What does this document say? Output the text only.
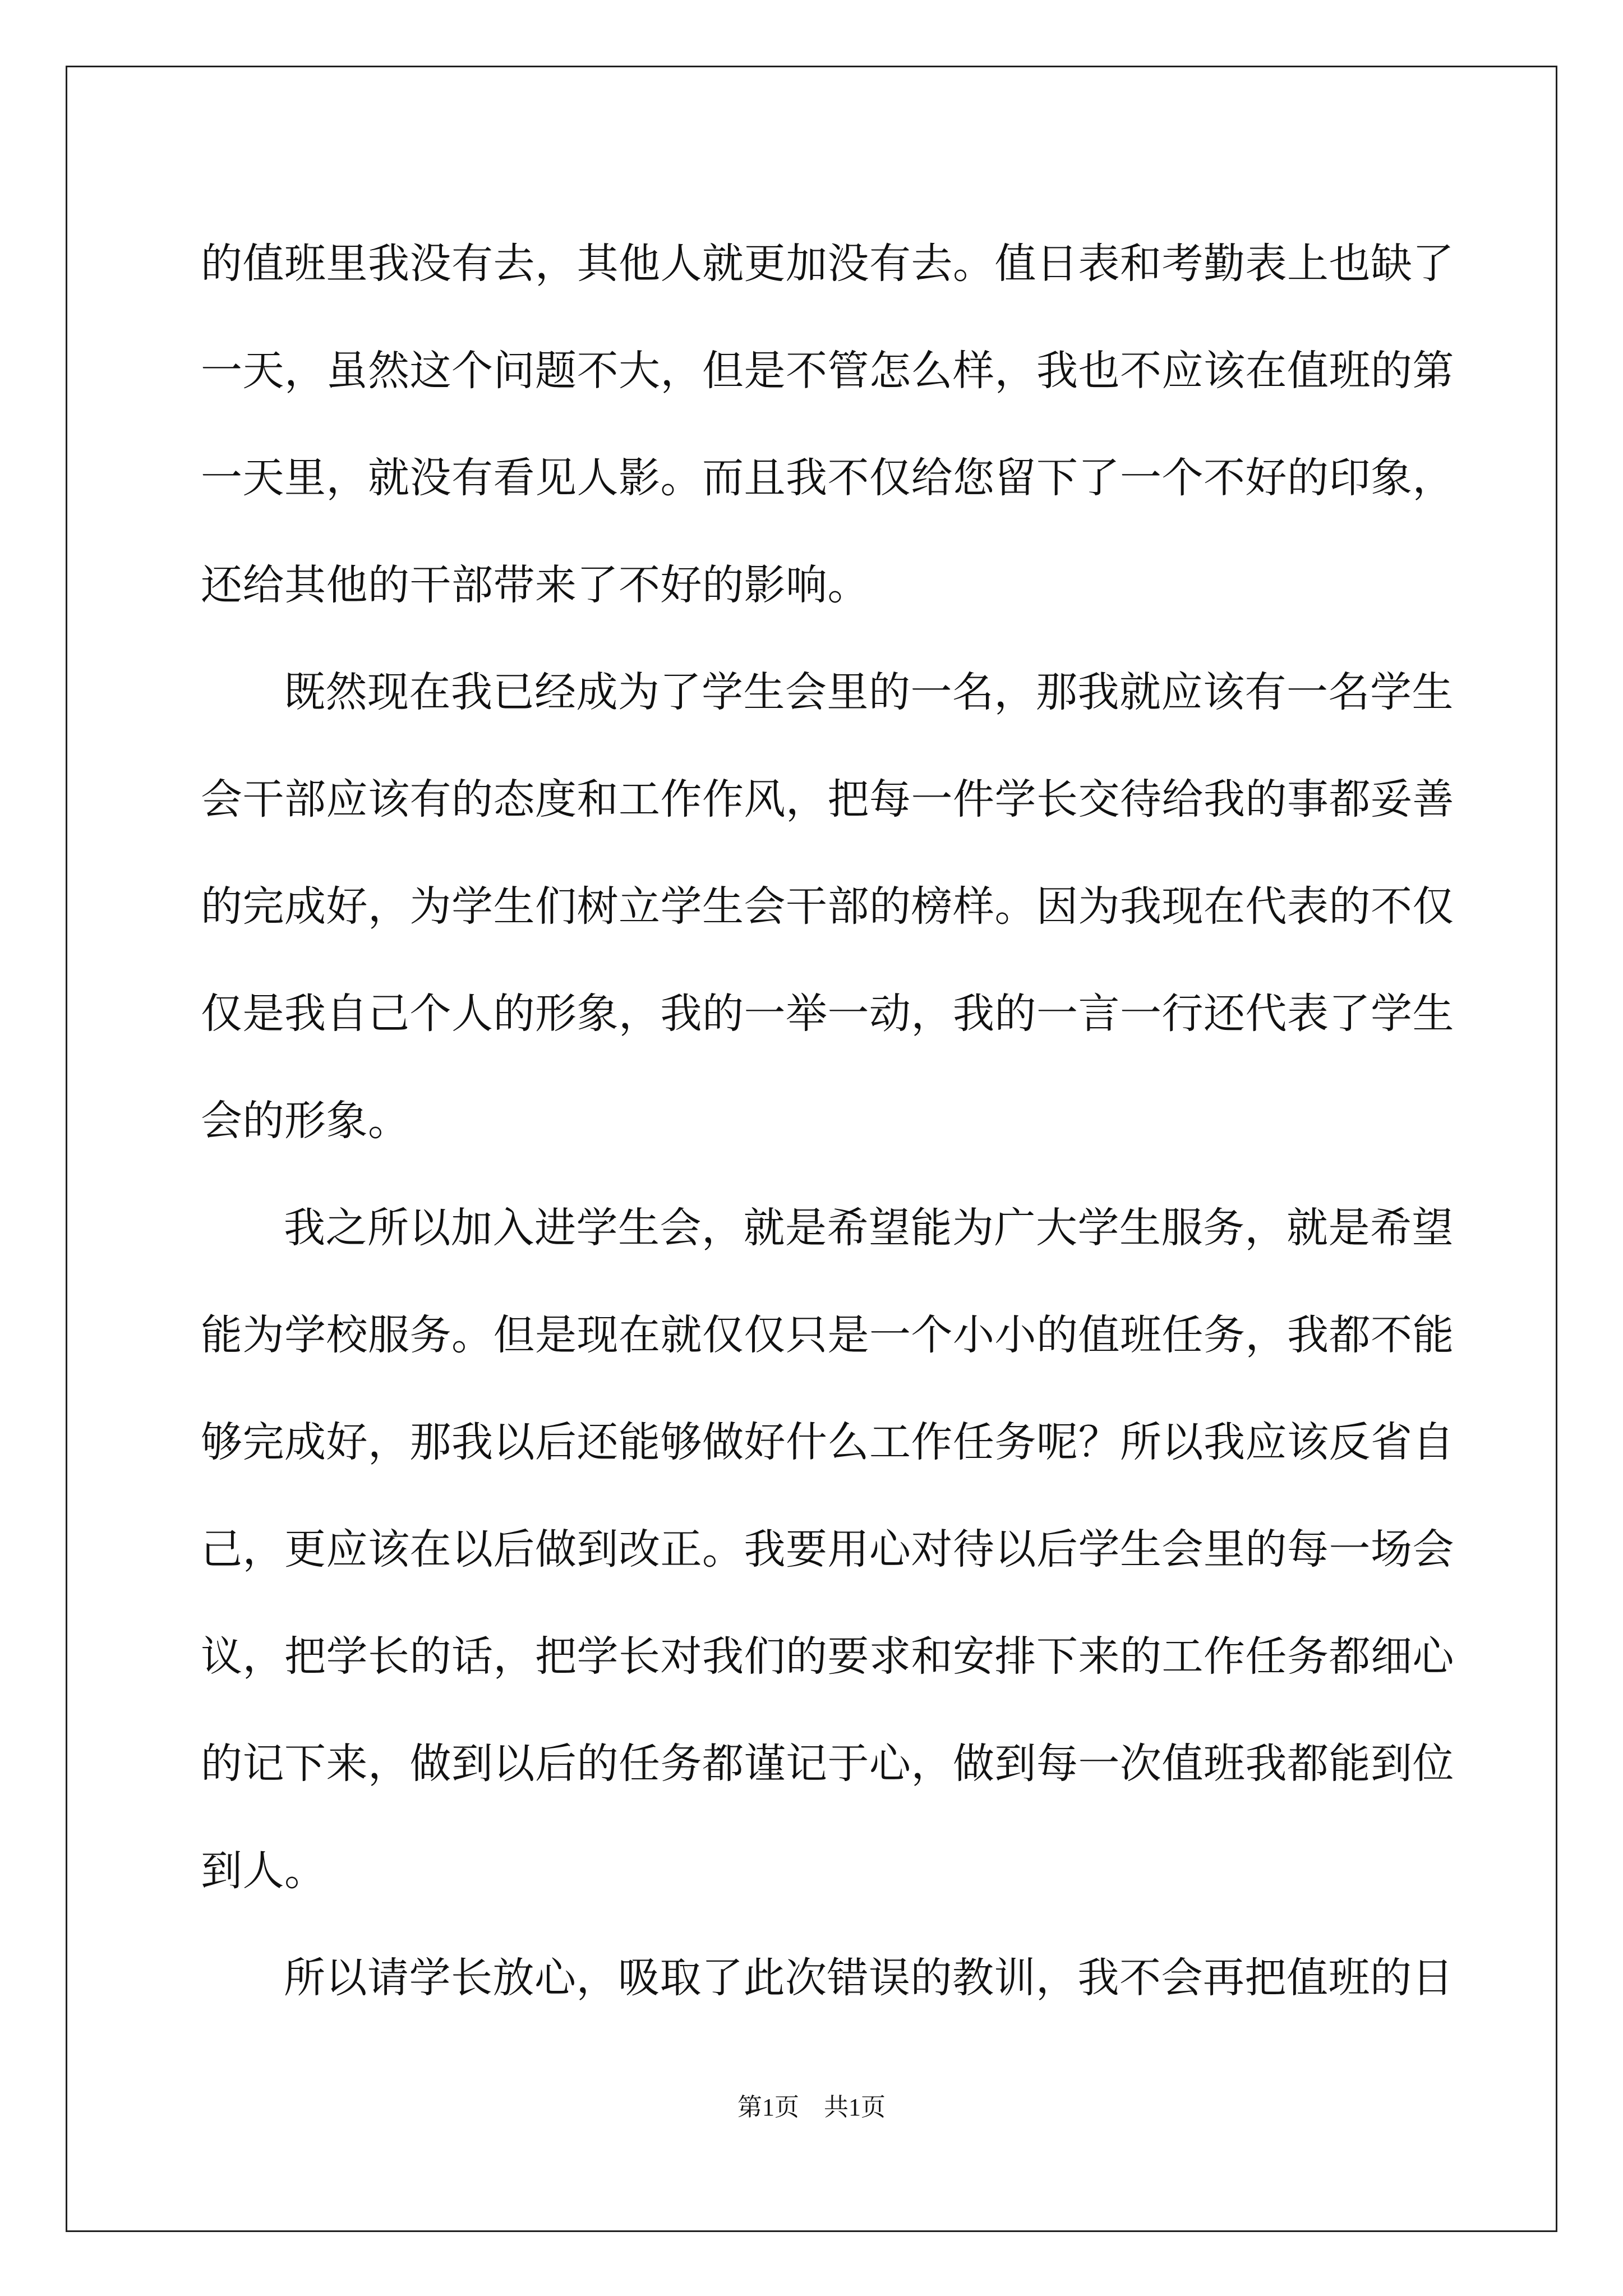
的值班里我没有去，其他人就更加没有去。值日表和考勤表上也缺了
一天，虽然这个问题不大，但是不管怎么样，我也不应该在值班的第
一天里，就没有看见人影。而且我不仅给您留下了一个不好的印象，
还给其他的干部带来了不好的影响。
既然现在我已经成为了学生会里的一名，那我就应该有一名学生
会干部应该有的态度和工作作风，把每一件学长交待给我的事都妥善
的完成好，为学生们树立学生会干部的榜样。因为我现在代表的不仅
仅是我自己个人的形象，我的一举一动，我的一言一行还代表了学生
会的形象。
我之所以加入进学生会，就是希望能为广大学生服务，就是希望
能为学校服务。但是现在就仅仅只是一个小小的值班任务，我都不能
够完成好，那我以后还能够做好什么工作任务呢？所以我应该反省自
己，更应该在以后做到改正。我要用心对待以后学生会里的每一场会
议，把学长的话，把学长对我们的要求和安排下来的工作任务都细心
的记下来，做到以后的任务都谨记于心，做到每一次值班我都能到位
到人。
所以请学长放心，吸取了此次错误的教训，我不会再把值班的日
第1页　共1页
